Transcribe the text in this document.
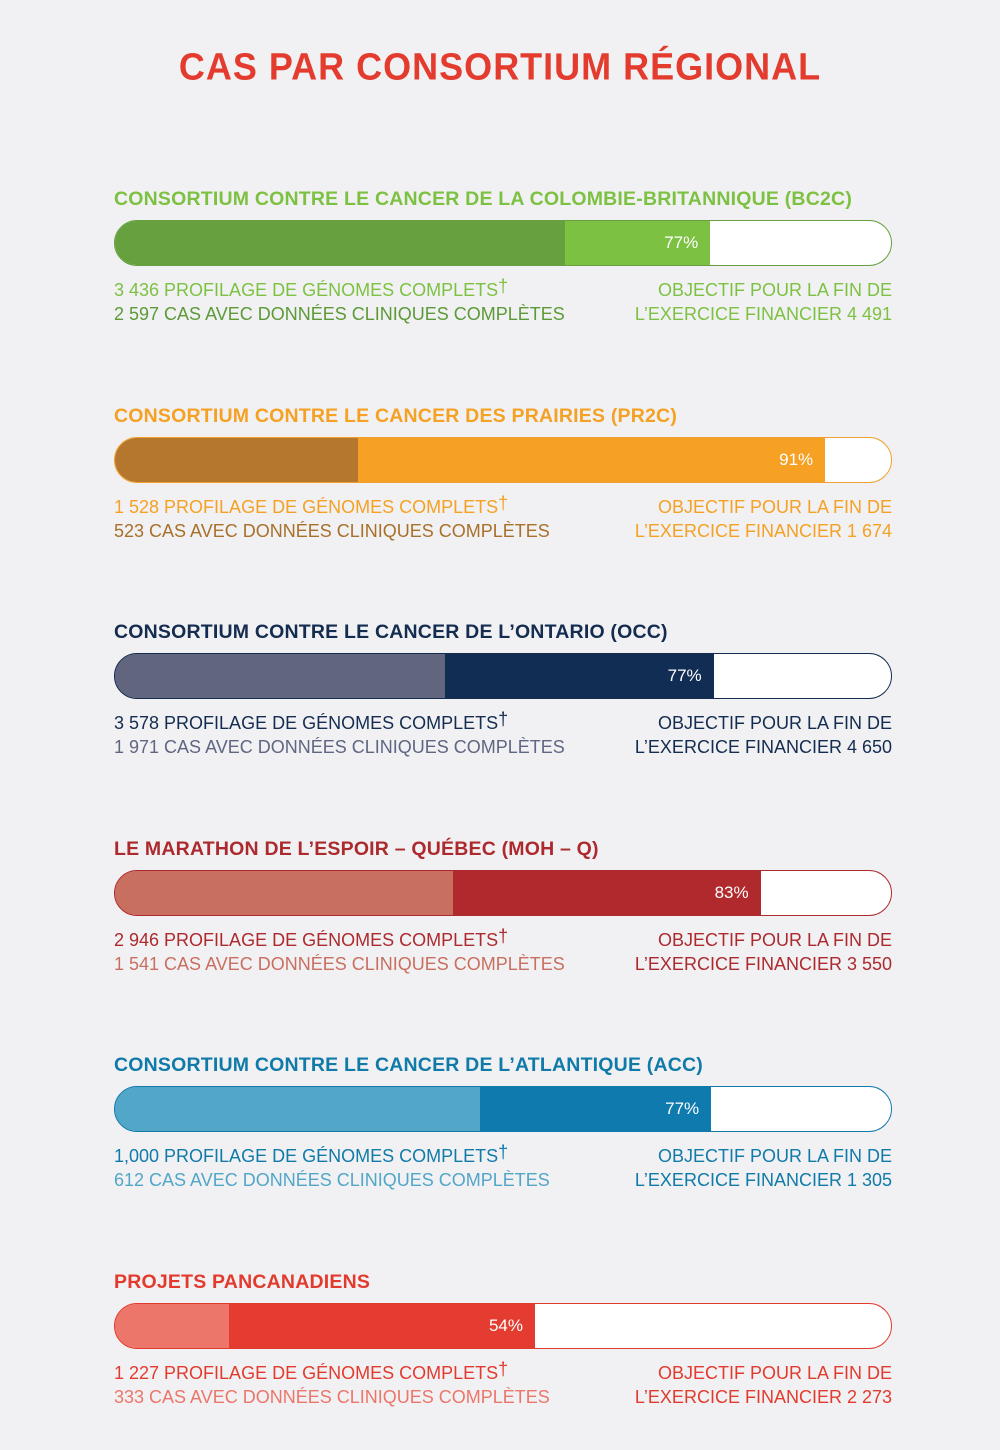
CAS PAR CONSORTIUM RÉGIONAL
CONSORTIUM CONTRE LE CANCER DE LA COLOMBIE-BRITANNIQUE (BC2C)
77%
3 436 PROFILAGE DE GÉNOMES COMPLETS†
2 597 CAS AVEC DONNÉES CLINIQUES COMPLÈTES
OBJECTIF POUR LA FIN DE
L’EXERCICE FINANCIER 4 491
CONSORTIUM CONTRE LE CANCER DES PRAIRIES (PR2C)
91%
1 528 PROFILAGE DE GÉNOMES COMPLETS†
523 CAS AVEC DONNÉES CLINIQUES COMPLÈTES
OBJECTIF POUR LA FIN DE
L’EXERCICE FINANCIER 1 674
CONSORTIUM CONTRE LE CANCER DE L’ONTARIO (OCC)
77%
3 578 PROFILAGE DE GÉNOMES COMPLETS†
1 971 CAS AVEC DONNÉES CLINIQUES COMPLÈTES
OBJECTIF POUR LA FIN DE
L’EXERCICE FINANCIER 4 650
LE MARATHON DE L’ESPOIR – QUÉBEC (MOH – Q)
83%
2 946 PROFILAGE DE GÉNOMES COMPLETS†
1 541 CAS AVEC DONNÉES CLINIQUES COMPLÈTES
OBJECTIF POUR LA FIN DE
L’EXERCICE FINANCIER 3 550
CONSORTIUM CONTRE LE CANCER DE L’ATLANTIQUE (ACC)
77%
1,000 PROFILAGE DE GÉNOMES COMPLETS†
612 CAS AVEC DONNÉES CLINIQUES COMPLÈTES
OBJECTIF POUR LA FIN DE
L’EXERCICE FINANCIER 1 305
PROJETS PANCANADIENS
54%
1 227 PROFILAGE DE GÉNOMES COMPLETS†
333 CAS AVEC DONNÉES CLINIQUES COMPLÈTES
OBJECTIF POUR LA FIN DE
L’EXERCICE FINANCIER 2 273
